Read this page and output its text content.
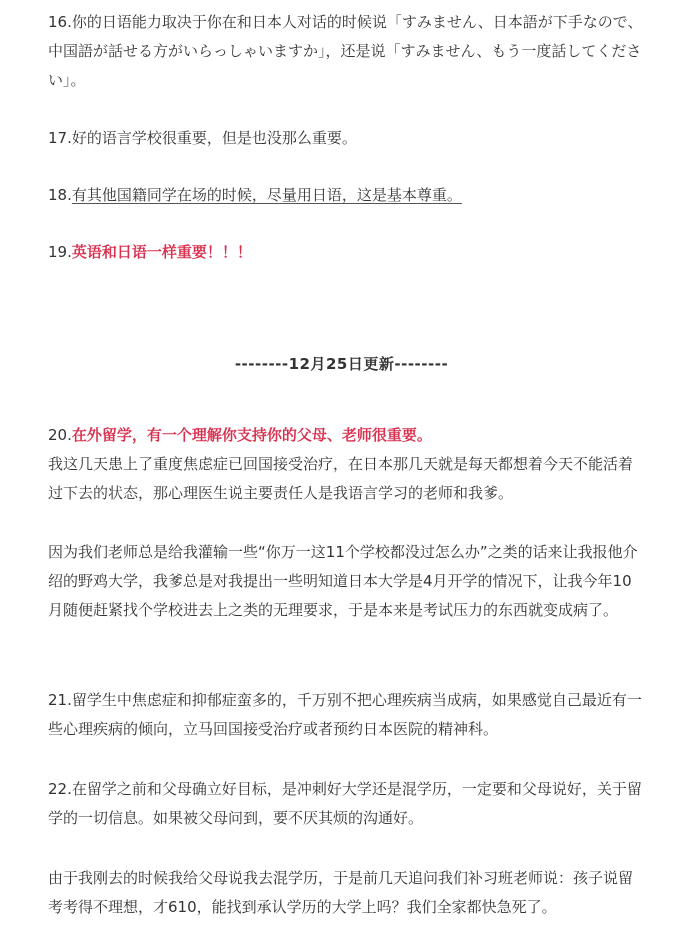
16.你的日语能力取决于你在和日本人对话的时候说「すみません、日本語が下手なので、中国語が話せる方がいらっしゃいますか」，还是说「すみません、もう一度話してください」。

17.好的语言学校很重要，但是也没那么重要。

18.有其他国籍同学在场的时候，尽量用日语，这是基本尊重。

19.英语和日语一样重要！！！

--------12月25日更新--------

20.在外留学，有一个理解你支持你的父母、老师很重要。
我这几天患上了重度焦虑症已回国接受治疗，在日本那几天就是每天都想着今天不能活着过下去的状态，那心理医生说主要责任人是我语言学习的老师和我爹。

因为我们老师总是给我灌输一些“你万一这11个学校都没过怎么办”之类的话来让我报他介绍的野鸡大学，我爹总是对我提出一些明知道日本大学是4月开学的情况下，让我今年10月随便赶紧找个学校进去上之类的无理要求，于是本来是考试压力的东西就变成病了。

21.留学生中焦虑症和抑郁症蛮多的，千万别不把心理疾病当成病，如果感觉自己最近有一些心理疾病的倾向，立马回国接受治疗或者预约日本医院的精神科。

22.在留学之前和父母确立好目标，是冲刺好大学还是混学历，一定要和父母说好，关于留学的一切信息。如果被父母问到，要不厌其烦的沟通好。

由于我刚去的时候我给父母说我去混学历，于是前几天追问我们补习班老师说：孩子说留考考得不理想，才610，能找到承认学历的大学上吗？我们全家都快急死了。
